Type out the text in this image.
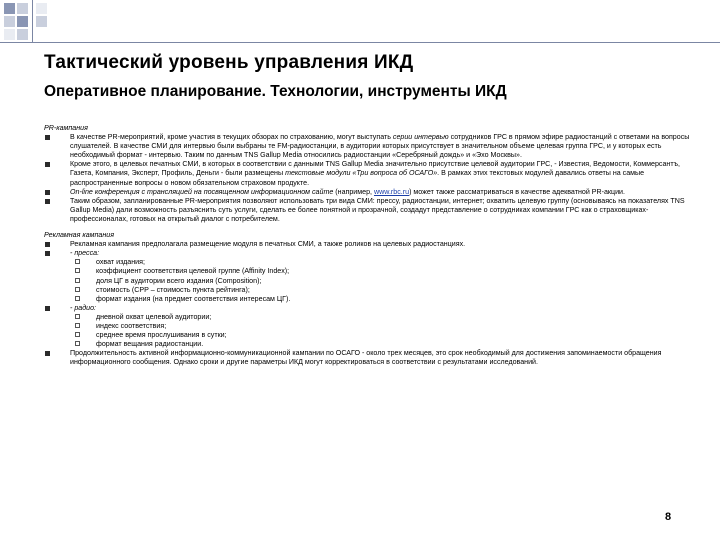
Тактический уровень управления ИКД
Оперативное планирование. Технологии, инструменты ИКД
PR-кампания
В качестве PR-мероприятий, кроме участия в текущих обзорах по страхованию, могут выступать серии интервью сотрудников ГРС в прямом эфире радиостанций с ответами на вопросы слушателей. В качестве СМИ для интервью были выбраны те FM-радиостанции, в аудитории которых присутствует в значительном объеме целевая группа ГРС, и у которых есть необходимый формат - интервью. Таким по данным TNS Gallup Media относились радиостанции «Серебряный дождь» и «Эхо Москвы».
Кроме этого, в целевых печатных СМИ, в которых в соответствии с данными TNS Gallup Media значительно присутствие целевой аудитории ГРС, - Известия, Ведомости, Коммерсантъ, Газета, Компания, Эксперт, Профиль, Деньги - были размещены текстовые модули «Три вопроса об ОСАГО». В рамках этих текстовых модулей давались ответы на самые распространенные вопросы о новом обязательном страховом продукте.
On-line конференция с трансляцией на посвященном информационном сайте (например, www.rbc.ru) может также рассматриваться в качестве адекватной PR-акции.
Таким образом, запланированные PR-мероприятия позволяют использовать три вида СМИ: прессу, радиостанции, интернет; охватить целевую группу (основываясь на показателях TNS Gallup Media) дали возможность разъяснить суть услуги, сделать ее более понятной и прозрачной, создадут представление о сотрудниках компании ГРС как о страховщиках-профессионалах, готовых на открытый диалог с потребителем.
Рекламная кампания
Рекламная кампания предполагала размещение модуля в печатных СМИ, а также роликов на целевых радиостанциях.
- пресса:
охват издания;
коэффициент соответствия целевой группе (Affinity Index);
доля ЦГ в аудитории всего издания (Composition);
стоимость (CPP – стоимость пункта рейтинга);
формат издания (на предмет соответствия интересам ЦГ).
- радио:
дневной охват целевой аудитории;
индекс соответствия;
среднее время прослушивания в сутки;
формат вещания радиостанции.
Продолжительность активной информационно-коммуникационной кампании по ОСАГО - около трех месяцев, это срок необходимый для достижения запоминаемости обращения информационного сообщения. Однако сроки и другие параметры ИКД могут корректироваться в соответствии с результатами исследований.
8
